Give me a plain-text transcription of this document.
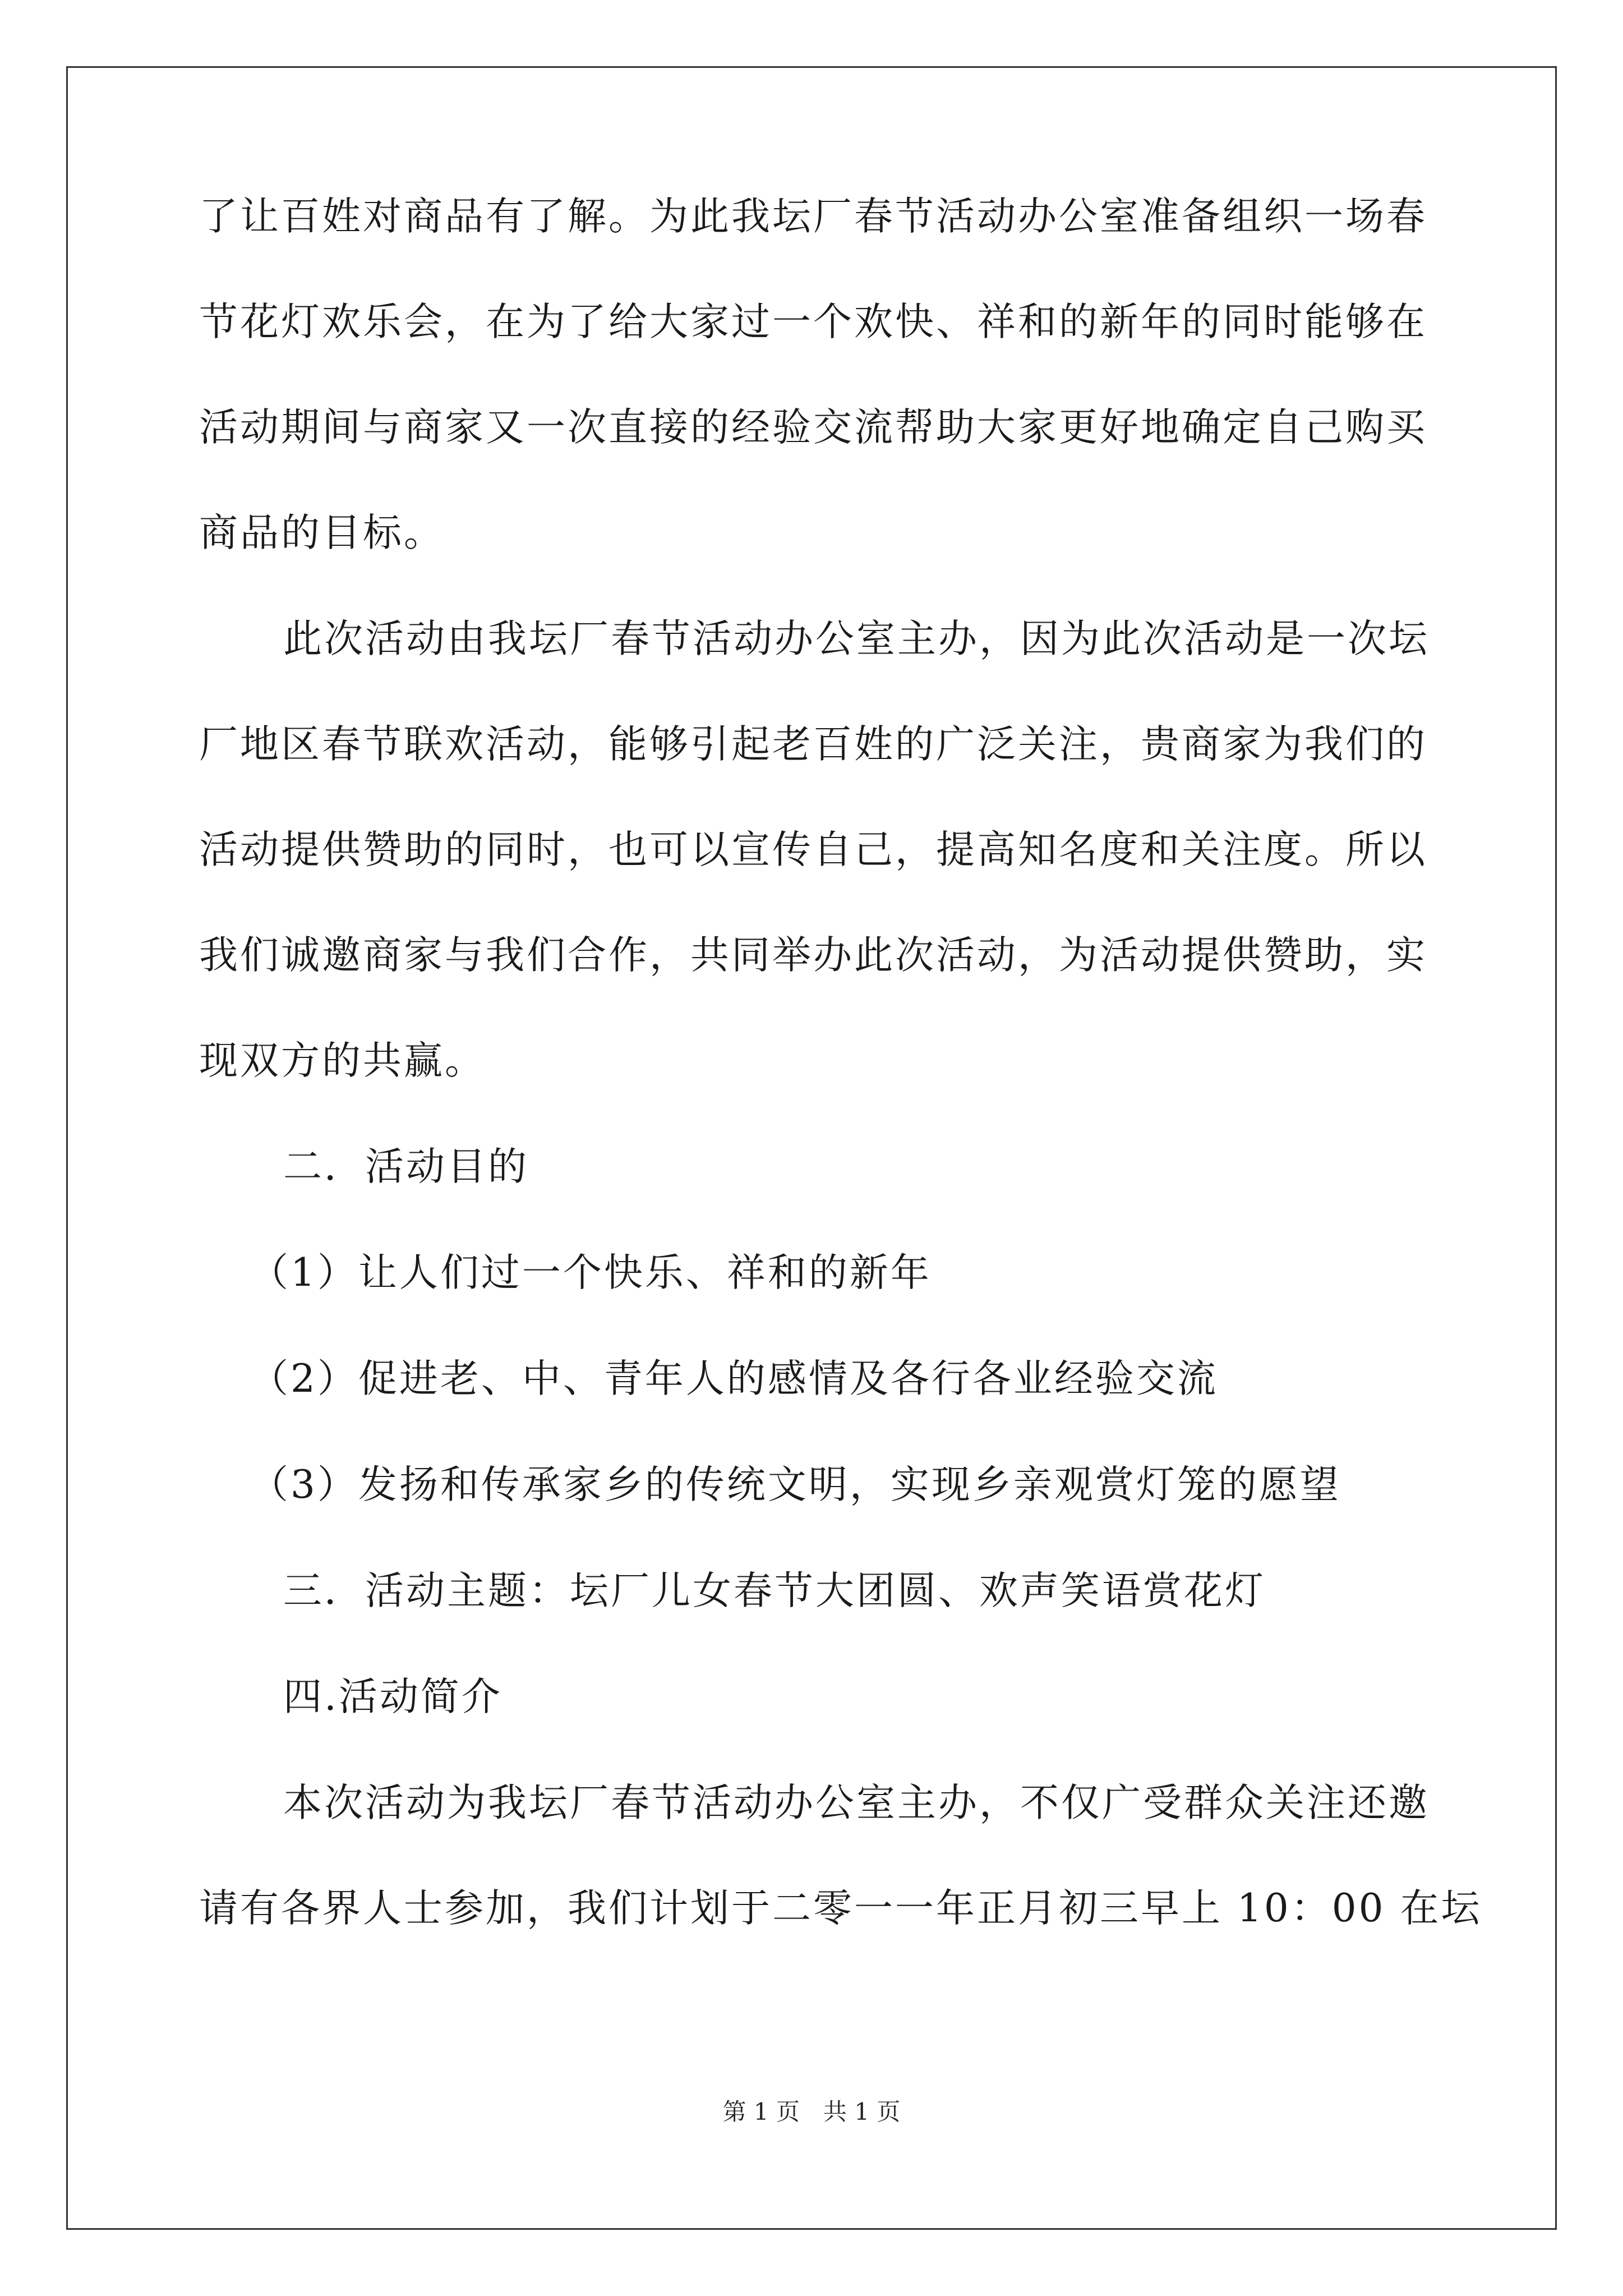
了让百姓对商品有了解。为此我坛厂春节活动办公室准备组织一场春
节花灯欢乐会，在为了给大家过一个欢快、祥和的新年的同时能够在
活动期间与商家又一次直接的经验交流帮助大家更好地确定自己购买
商品的目标。
此次活动由我坛厂春节活动办公室主办，因为此次活动是一次坛
厂地区春节联欢活动，能够引起老百姓的广泛关注，贵商家为我们的
活动提供赞助的同时，也可以宣传自己，提高知名度和关注度。所以
我们诚邀商家与我们合作，共同举办此次活动，为活动提供赞助，实
现双方的共赢。
二．活动目的
（1）让人们过一个快乐、祥和的新年
（2）促进老、中、青年人的感情及各行各业经验交流
（3）发扬和传承家乡的传统文明，实现乡亲观赏灯笼的愿望
三．活动主题：坛厂儿女春节大团圆、欢声笑语赏花灯
四.活动简介
本次活动为我坛厂春节活动办公室主办，不仅广受群众关注还邀
请有各界人士参加，我们计划于二零一一年正月初三早上 10：00 在坛
第 1 页　共 1 页
